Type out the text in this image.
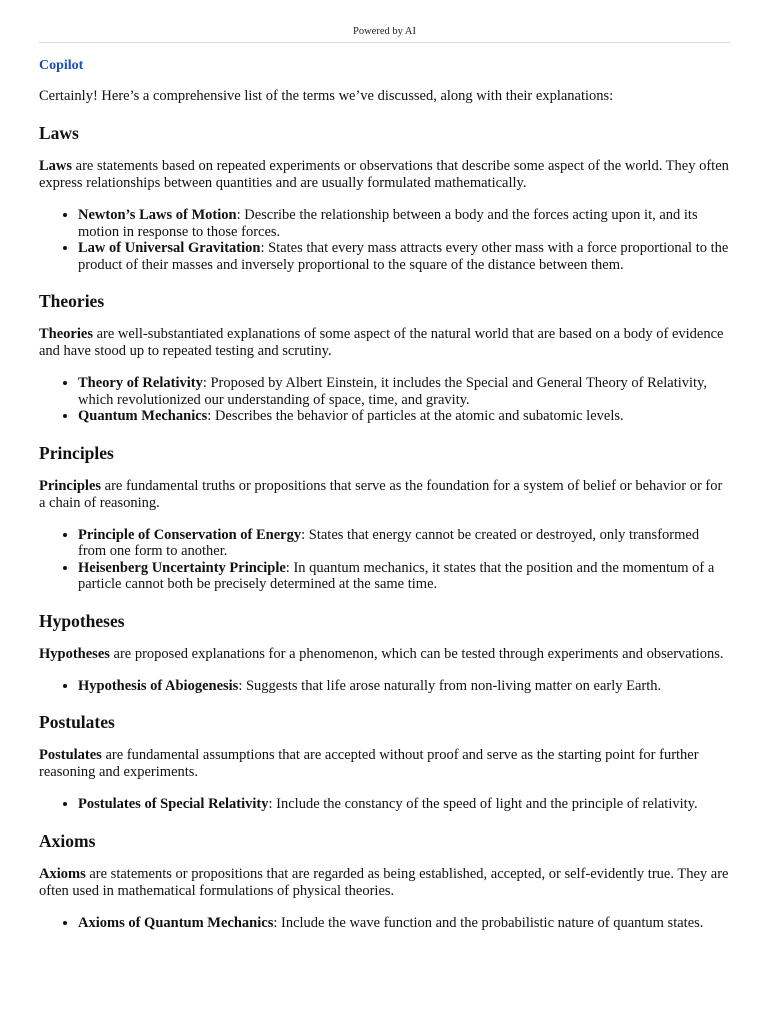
Powered by AI
Copilot
Certainly! Here’s a comprehensive list of the terms we’ve discussed, along with their explanations:
Laws
Laws are statements based on repeated experiments or observations that describe some aspect of the world. They often express relationships between quantities and are usually formulated mathematically.
• Newton’s Laws of Motion: Describe the relationship between a body and the forces acting upon it, and its motion in response to those forces.
• Law of Universal Gravitation: States that every mass attracts every other mass with a force proportional to the product of their masses and inversely proportional to the square of the distance between them.
Theories
Theories are well-substantiated explanations of some aspect of the natural world that are based on a body of evidence and have stood up to repeated testing and scrutiny.
• Theory of Relativity: Proposed by Albert Einstein, it includes the Special and General Theory of Relativity, which revolutionized our understanding of space, time, and gravity.
• Quantum Mechanics: Describes the behavior of particles at the atomic and subatomic levels.
Principles
Principles are fundamental truths or propositions that serve as the foundation for a system of belief or behavior or for a chain of reasoning.
• Principle of Conservation of Energy: States that energy cannot be created or destroyed, only transformed from one form to another.
• Heisenberg Uncertainty Principle: In quantum mechanics, it states that the position and the momentum of a particle cannot both be precisely determined at the same time.
Hypotheses
Hypotheses are proposed explanations for a phenomenon, which can be tested through experiments and observations.
• Hypothesis of Abiogenesis: Suggests that life arose naturally from non-living matter on early Earth.
Postulates
Postulates are fundamental assumptions that are accepted without proof and serve as the starting point for further reasoning and experiments.
• Postulates of Special Relativity: Include the constancy of the speed of light and the principle of relativity.
Axioms
Axioms are statements or propositions that are regarded as being established, accepted, or self-evidently true. They are often used in mathematical formulations of physical theories.
• Axioms of Quantum Mechanics: Include the wave function and the probabilistic nature of quantum states.
